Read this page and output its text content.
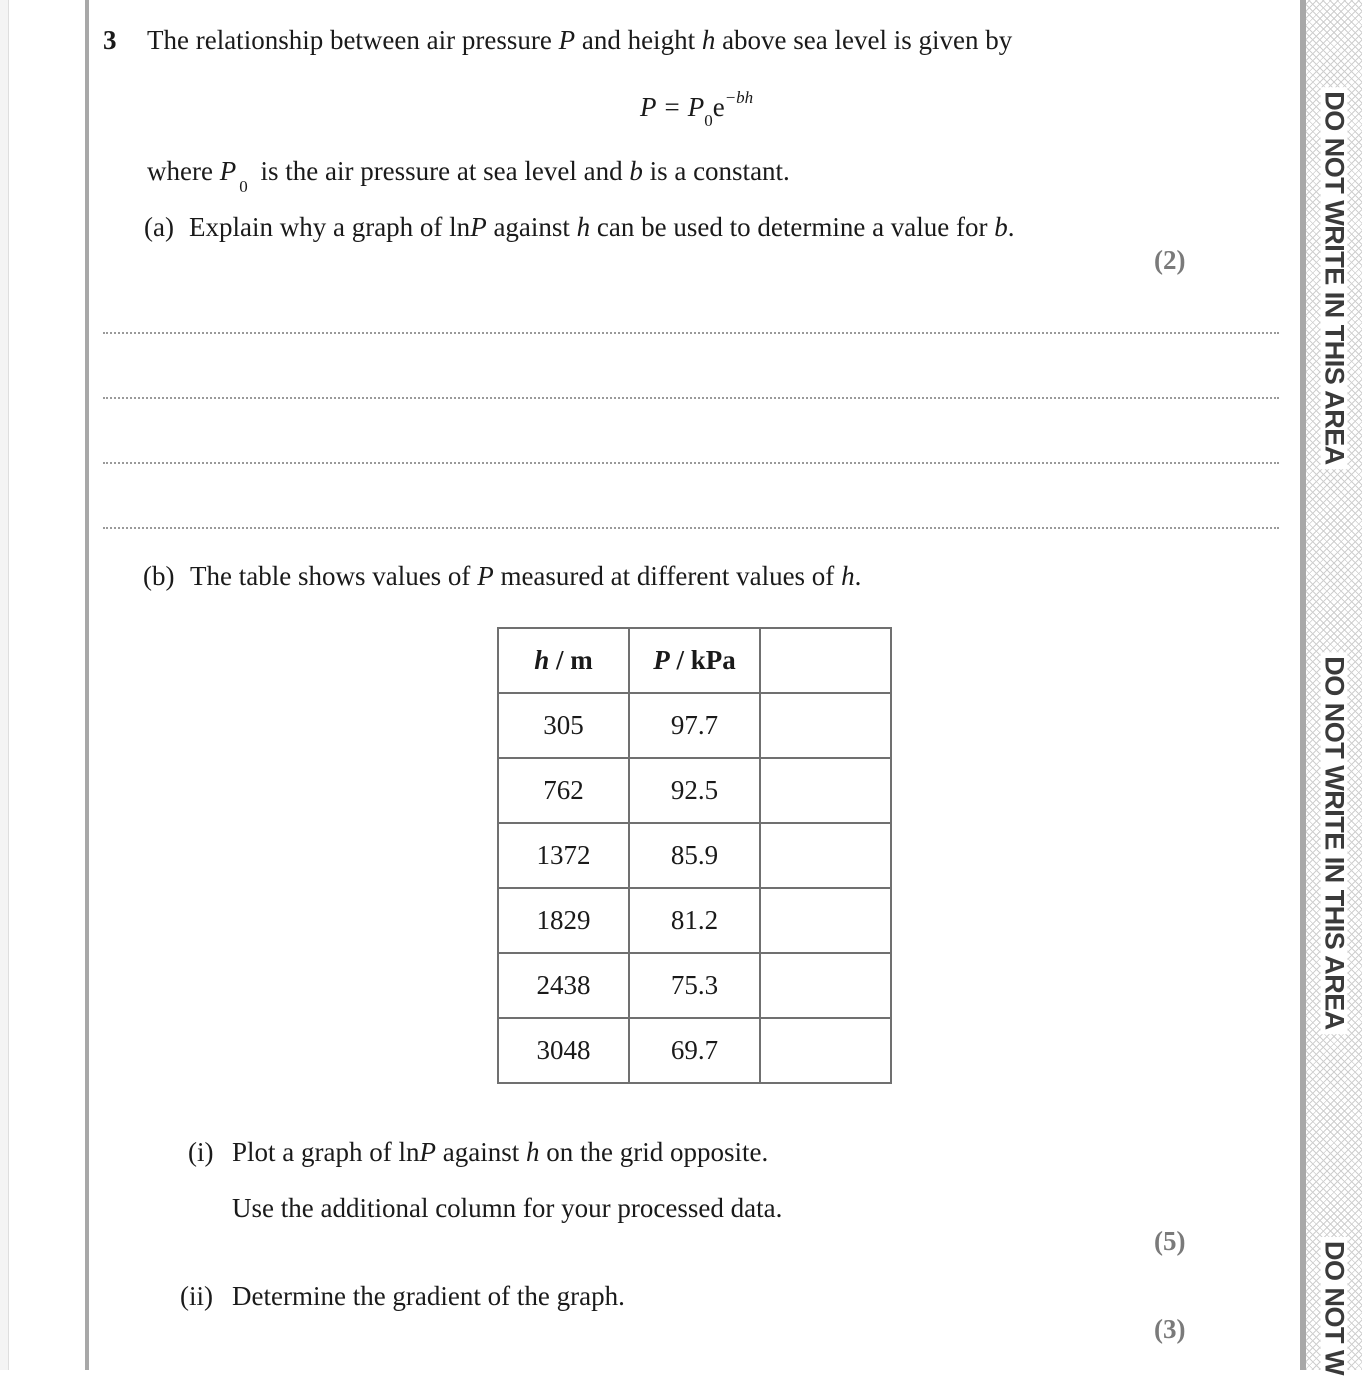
DO NOT WRITE IN THIS AREA
DO NOT WRITE IN THIS AREA
DO NOT W
3 The relationship between air pressure P and height h above sea level is given by
$P = P_0e^{-bh}$
where $P_0$ is the air pressure at sea level and b is a constant.
(a) Explain why a graph of lnP against h can be used to determine a value for b.
(2)
(b) The table shows values of P measured at different values of h.
h / m	P / kPa	
305	97.7	
762	92.5	
1372	85.9	
1829	81.2	
2438	75.3	
3048	69.7	
(i) Plot a graph of lnP against h on the grid opposite.
Use the additional column for your processed data.
(5)
(ii) Determine the gradient of the graph.
(3)
